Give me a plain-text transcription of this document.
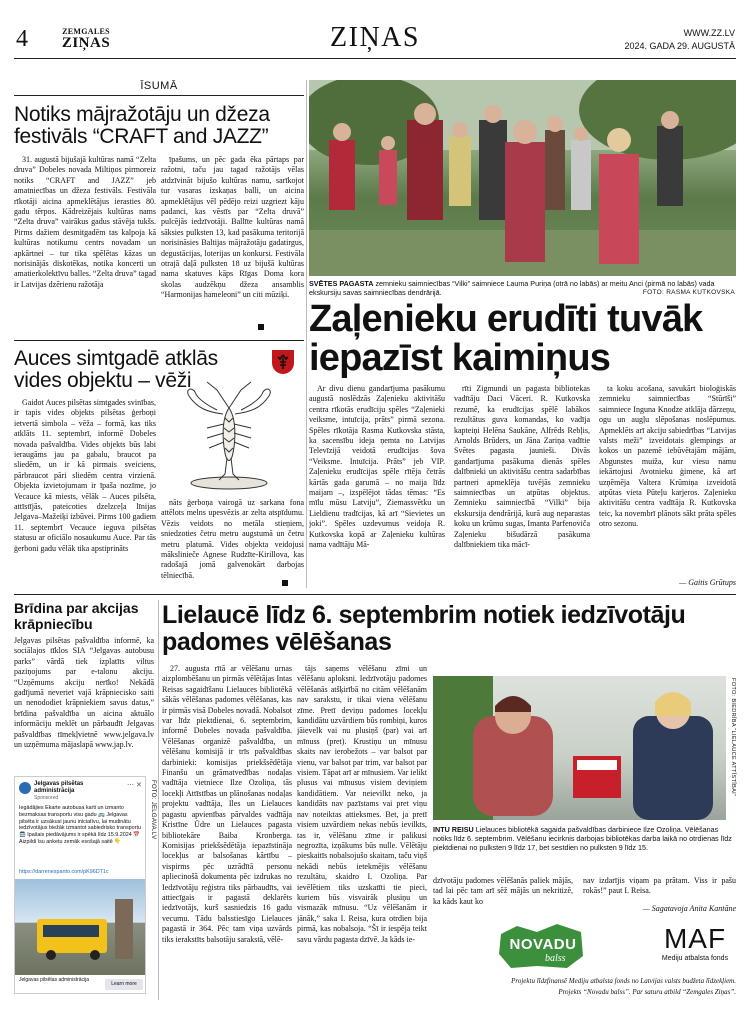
4	ZEMGALES
ZIŅAS	ZIŅAS	WWW.ZZ.LV
2024. GADA 29. AUGUSTĀ
ĪSUMĀ
Notiks mājražotāju un džeza festivāls “CRAFT and JAZZ”

31. augustā bijušajā kultūras namā “Zelta druva” Dobeles novada Miltiņos pirmoreiz notiks “CRAFT and JAZZ” jeb amatniecības un džeza festivāls. Festivāla rīkotāji aicina apmeklētājus ierasties 80. gadu tērpos. Kādreizējais kultūras nams “Zelta druva” vairākus gadus stāvēja tukšs. Pirms dažiem desmitgadēm tas kalpoja kā kultūras notikumu centrs novadam un apkārtnei – tur tika spēlētas kāzas un norisinājās diskotēkas, notika koncerti un amatierkolektīvu balles. “Zelta druva” tagad ir Latvijas dzērienu ražotāja

īpašums, un pēc gada ēka pārtaps par ražotni, taču jau tagad ražotājs vēlas atdzīvināt bijušo kultūras namu, sarīkojot tur vasaras izskaņas balli, un aicina apmeklētājus vēl pēdējo reizi uzgriezt kāju padanci, kas vēstīs par “Zelta druvā” pulcējās iedzīvotāji. Ballīte kultūras namā sāksies pulksten 13, kad pasākuma teritorijā norisināsies Baltijas mājražotāju gadatirgus, degustācijas, loterijas un konkursi. Festivāla otrajā daļā pulksten 18 uz bijušā kultūras nama skatuves kāps Rīgas Doma kora skolas audzēkņu džeza ansamblis “Harmonijas hameleoni” un citi mūziķi.

Auces simtgadē atklās vides objektu – vēži

Gaidot Auces pilsētas simtgades svinības, ir tapis vides objekts pilsētas ģerboņi ietvertā simbola – vēža – formā, kas tiks atklāts 11. septembrī, informē Dobeles novada pašvaldība. Vides objekts būs labi ieraugāms jau pa gabalu, braucot pa sliedēm, un ir kā pirmais sveiciens, pārbraucot pāri sliedēm centra virzienā. Objekta izvietojumam ir īpaša nozīme, jo Vecauce kā miests, vēlāk – Auces pilsēta, attīstījās, pateicoties dzelzceļa līnijas Jelgava–Mažeiķi izbūvei. Pirms 100 gadiem 11. septembrī Vecauce ieguva pilsētas statusu ar oficiālo nosaukumu Auce. Par tās ģerboni gadu vēlāk tika apstiprināts

nāts ģerboņa vairogā uz sarkana fona attēlots melns upesvēzis ar zelta atspīdumu. Vēzis veidots no metāla stieņiem, sniedzoties četru metru augstumā un četru metru platumā. Vides objekta veidojusi mākslinieče Agnese Rudzīte-Kirillova, kas radošajā jomā galvenokārt darbojas tēlniecībā.

SVĒTES PAGASTA zemnieku saimniecības “Vilki” saimniece Lauma Puriņa (otrā no labās) ar meitu Anci (pirmā no labās) vada ekskursiju savas saimniecības dendrārijā.	FOTO: RASMA KUTKOVSKA
Zaļenieku erudīti tuvāk iepazīst kaimiņus

Ar divu dienu gandarījuma pasākumu augustā noslēdzās Zaļenieku aktivitāšu centra rīkotās erudīciju spēles “Zaļenieki veiksme, intuīcija, prāts” pirmā sezona. Spēles rīkotāja Rasma Kutkovska stāsta, ka sacensību ideja ņemta no Latvijas Televīzijā veidotā erudīcijas šova “Veiksme. Intuīcija. Prāts” jeb VIP. Zaļenieku erudīcijas spēle rītēja četrās kārtās gada garumā – no maija līdz maijam –, izspēlējot tādas tēmas: “Es mīlu mūsu Latviju”, Ziemassvētku un Lieldienu tradīcijas, kā arī “Sievietes un joki”. Spēles uzdevumus veidoja R. Kutkovska kopā ar Zaļenieku kultūras nama vadītāju Mā-

rīti Zigmundi un pagasta bibliotekas vadītāju Daci Vāceri. R. Kutkovska rezumē, ka erudīcijas spēlē labākos rezultātus guva komandas, ko vadīja kapteiņi Helēna Saukāne, Alfrēds Rebļis, Arnolds Brūders, un Jāna Zariņa vadītie Svētes pagasta jaunieši. Divās gandarījuma pasākuma dienās spēles dalībnieki un aktivitāšu centra sadarbības partneri apmeklēja tuvējās zemnieku saimniecības un atpūtas objektus. Zemnieku saimniecībā “Vilki” bija ekskursija dendrārijā, kurā aug neparastas koku un krūmu sugas, Imanta Parfenoviča Zaļenieku bišudārzā pasākuma dalībniekiem tika mācī-

ta koku acošana, savukārt bioloģiskās zemnieku saimniecības “Stūrīši” saimniece Inguna Knodze atklāja dārzeņu, ogu un augļu slēpošanas noslēpumus. Apmeklēts arī akciju sabiedrības “Latvijas valsts meži” izveidotais glempings ar kokos un pazemē iebūvētajām mājām, Abgunstes muiža, kur viesu namu iekārtojusi Avotnieku ģimene, kā arī uzņēmēja Valtera Krūmiņa izveidotā atpūtas vieta Pūteļu karjeros. Zaļenieku aktivitāšu centra vadītāja R. Kutkovska teic, ka novembrī plānots sākt prāta spēles otro sezonu.

— Gaitis Grūtups
Brīdina par akcijas krāpniecību

Jelgavas pilsētas pašvaldība informē, ka sociālajos tīklos SIA “Jelgavas autobusu parks” vārdā tiek izplatīts viltus paziņojums par e-talonu akciju. “Uzņēmums akciju nerīko! Nekādā gadījumā neveriet vajā krāpniecisko saiti un nenododiet krāpniekiem savus datus,” brīdina pašvaldība un aicina aktuālo informāciju meklēt un pārbaudīt Jelgavas pašvaldības tīmekļvietnē www.jelgava.lv un uzņēmuma mājaslapā www.jap.lv.

Jelgavas pilsētas administrācija
Sponsored
⋯ ✕
Iegādājies Ekarte autobusa karti un izmanto bezmaksas transportu visu gadu 🚌 Jelgavas pilsēta ir uzsākusi jaunu iniciatīvu, lai mudinātu iedzīvotājus biežāk izmantot sabiedrisko transportu 🚍 Ipašais piedāvājums ir spēkā līdz 15.9.2024 📅 Aizpildi īsu anketu zemāk esošajā saitē 👇
https://darrenespanto.com/pK96DT1c
Jelgavas pilsētas administrācija
Learn more
FOTO: JELGAVA.LV
Lielaucē līdz 6. septembrim notiek iedzīvotāju padomes vēlēšanas

27. augusta rītā ar vēlēšanu urnas aizplombēšanu un pirmās vēlētājas Intas Reisas sagaidīšanu Lielauces bibliotēkā sākās vēlēšanas padomes vēlēšanas, kas ir pirmās visā Dobeles novadā. Nobalsot var līdz piektdienai, 6. septembrim, informē Dobeles novada pašvaldība. Vēlēšanas organizē pašvaldība, un vēlēšanu komisijā ir trīs pašvaldības darbinieki: komisijas priekšsēdētāja Finanšu un grāmatvedības nodaļas vadītāja vietniece Ilze Ozoliņa, tās locekļi Attīstības un plānošanas nodaļas projektu vadītāja, Iles un Lielauces pagastu apvienības pārvaldes vadītāja Kristīne Ūdre un Lielauces pagasta bibliotekāre Baiba Kronberga. Komisijas priekšsēdētāja iepazīstināja locekļus ar balsošanas kārtību – vispirms pēc uzrādītā personu apliecinošā dokumenta pēc izdrukas no Iedzīvotāju reģistra tiks pārbaudīts, vai attiecīgais ir pagastā deklarēts iedzīvotājs, kurš sasniedzis 16 gadu vecumu. Tādu balsstiesīgo Lielauces pagastā ir 364. Pēc tam viņa uzvārds tiks ierakstīts balsotāju sarakstā, vēlē-

tājs saņems vēlēšanu zīmi un vēlēšanu aploksni. Iedzīvotāju padomes vēlēšanās atšķirībā no citām vēlēšanām nav sarakstu, ir tikai viena vēlēšanu zīme. Pretī deviņu padomes locekļu kandidātu uzvārdiem būs rombiņi, kuros jāievelk vai nu plusiņš (par) vai arī mīnuss (pret). Krustiņu un mīnusu skaits nav ierobežots – var balsot par vienu, var balsot par trim, var balsot par visiem. Tāpat arī ar mīnusiem. Var ielikt plusus vai mīnusus visiem deviņiem kandidātiem. Var neievilkt neko, ja kandidāts nav pazīstams vai pret viņu nav noteiktas attieksmes. Bet, ja pretī visiem uzvārdiem nekas nebūs ievilkts, tas ir, vēlēšanu zīme ir palikusi negrozīta, izņākums būs nulle. Vēlētāju pieskaitīs nobalsojušo skaitam, taču viņš nekādi nebūs ietekmējis vēlēšanu rezultātu, skaidro I. Ozoliņa. Par ievēlētiem tiks uzskatīti tie pieci, kuriem būs visvairāk plusiņu un vismazāk mīnusu. “Uz vēlēšanām ir jānāk,” saka I. Reisa, kura otrdien bija pirmā, kas nobalsoja. “Šī ir iespēja teikt savu vārdu pagasta dzīvē. Ja kāds ie-

FOTO: BIEDRĪBA “LIELAUCE ATTĪSTĪBAI”
INTU REISU Lielauces bibliotēkā sagaida pašvaldības darbiniece Ilze Ozoliņa. Vēlēšanas notiks līdz 6. septembrim. Vēlēšanu iecirknis darbojas bibliotēkas darba laikā no otrdienas līdz piektdienai no pulksten 9 līdz 17, bet sestdien no pulksten 9 līdz 15.

dzīvotāju padomes vēlēšanās paliek mājās, tad lai pēc tam arī sēž mājās un nekritizē, ka kāds kaut ko

nav izdarījis viņam pa prātam. Viss ir pašu rokās!” paut I. Reisa.

— Sagatavoja Anita Kantāne
NOVADU
balss
MAF
Mediju atbalsta fonds
Projektu līdzfinansē Mediju atbalsta fonds no Latvijas valsts budžeta līdzekļiem.
Projekts “Novadu balss”. Par saturu atbild “Zemgales Ziņas”.
